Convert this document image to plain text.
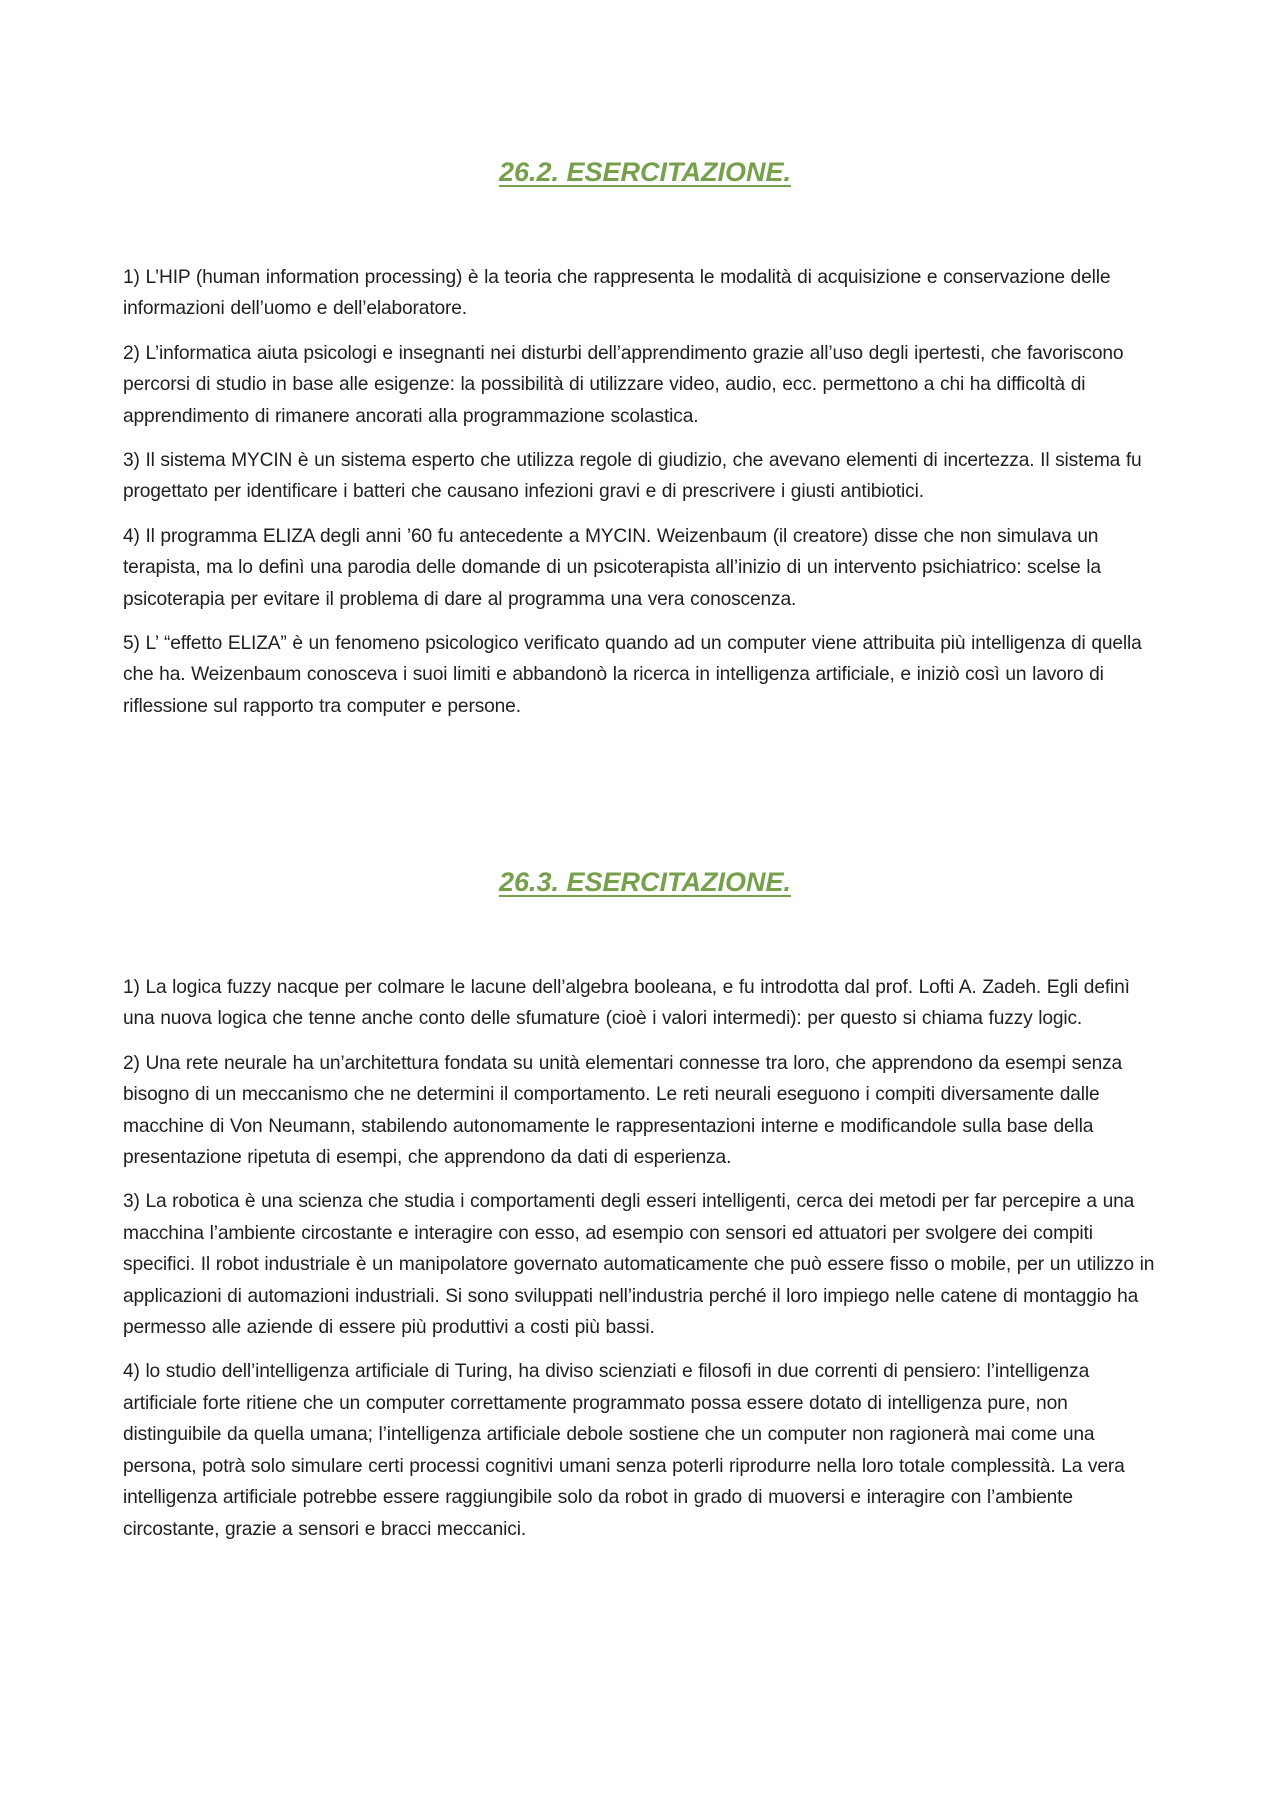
26.2. ESERCITAZIONE.

1) L’HIP (human information processing) è la teoria che rappresenta le modalità di acquisizione e conservazione delle informazioni dell’uomo e dell’elaboratore.

2) L’informatica aiuta psicologi e insegnanti nei disturbi dell’apprendimento grazie all’uso degli ipertesti, che favoriscono percorsi di studio in base alle esigenze: la possibilità di utilizzare video, audio, ecc. permettono a chi ha difficoltà di apprendimento di rimanere ancorati alla programmazione scolastica.

3) Il sistema MYCIN è un sistema esperto che utilizza regole di giudizio, che avevano elementi di incertezza. Il sistema fu progettato per identificare i batteri che causano infezioni gravi e di prescrivere i giusti antibiotici.

4) Il programma ELIZA degli anni ’60 fu antecedente a MYCIN. Weizenbaum (il creatore) disse che non simulava un terapista, ma lo definì una parodia delle domande di un psicoterapista all’inizio di un intervento psichiatrico: scelse la psicoterapia per evitare il problema di dare al programma una vera conoscenza.

5) L’ “effetto ELIZA” è un fenomeno psicologico verificato quando ad un computer viene attribuita più intelligenza di quella che ha. Weizenbaum conosceva i suoi limiti e abbandonò la ricerca in intelligenza artificiale, e iniziò così un lavoro di riflessione sul rapporto tra computer e persone.

26.3. ESERCITAZIONE.

1) La logica fuzzy nacque per colmare le lacune dell’algebra booleana, e fu introdotta dal prof. Lofti A. Zadeh. Egli definì una nuova logica che tenne anche conto delle sfumature (cioè i valori intermedi): per questo si chiama fuzzy logic.

2) Una rete neurale ha un’architettura fondata su unità elementari connesse tra loro, che apprendono da esempi senza bisogno di un meccanismo che ne determini il comportamento. Le reti neurali eseguono i compiti diversamente dalle macchine di Von Neumann, stabilendo autonomamente le rappresentazioni interne e modificandole sulla base della presentazione ripetuta di esempi, che apprendono da dati di esperienza.

3) La robotica è una scienza che studia i comportamenti degli esseri intelligenti, cerca dei metodi per far percepire a una macchina l’ambiente circostante e interagire con esso, ad esempio con sensori ed attuatori per svolgere dei compiti specifici. Il robot industriale è un manipolatore governato automaticamente che può essere fisso o mobile, per un utilizzo in applicazioni di automazioni industriali. Si sono sviluppati nell’industria perché il loro impiego nelle catene di montaggio ha permesso alle aziende di essere più produttivi a costi più bassi.

4) lo studio dell’intelligenza artificiale di Turing, ha diviso scienziati e filosofi in due correnti di pensiero: l’intelligenza artificiale forte ritiene che un computer correttamente programmato possa essere dotato di intelligenza pure, non distinguibile da quella umana; l’intelligenza artificiale debole sostiene che un computer non ragionerà mai come una persona, potrà solo simulare certi processi cognitivi umani senza poterli riprodurre nella loro totale complessità. La vera intelligenza artificiale potrebbe essere raggiungibile solo da robot in grado di muoversi e interagire con l’ambiente circostante, grazie a sensori e bracci meccanici.
